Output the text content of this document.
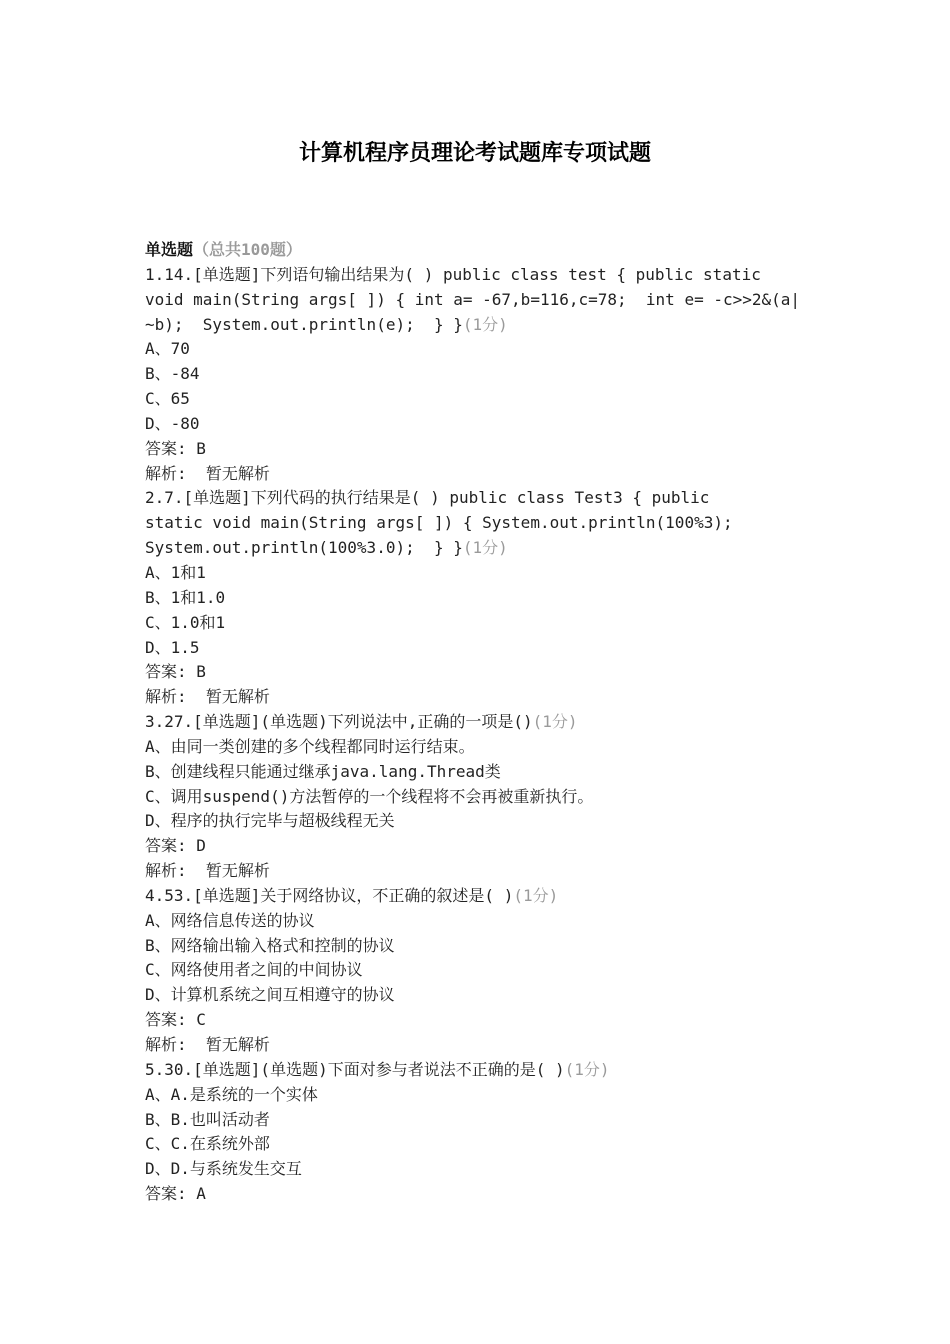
计算机程序员理论考试题库专项试题
单选题（总共100题）
1.14.[单选题]下列语句输出结果为( ) public class test { public static
void main(String args[ ]) { int a= -67,b=116,c=78;  int e= -c>>2&(a|
~b);  System.out.println(e);  } }(1分)
A、70
B、-84
C、65
D、-80
答案: B
解析:  暂无解析
2.7.[单选题]下列代码的执行结果是( ) public class Test3 { public
static void main(String args[ ]) { System.out.println(100%3);
System.out.println(100%3.0);  } }(1分)
A、1和1
B、1和1.0
C、1.0和1
D、1.5
答案: B
解析:  暂无解析
3.27.[单选题](单选题)下列说法中,正确的一项是()(1分)
A、由同一类创建的多个线程都同时运行结束。
B、创建线程只能通过继承java.lang.Thread类
C、调用suspend()方法暂停的一个线程将不会再被重新执行。
D、程序的执行完毕与超极线程无关
答案: D
解析:  暂无解析
4.53.[单选题]关于网络协议，不正确的叙述是( )(1分)
A、网络信息传送的协议
B、网络输出输入格式和控制的协议
C、网络使用者之间的中间协议
D、计算机系统之间互相遵守的协议
答案: C
解析:  暂无解析
5.30.[单选题](单选题)下面对参与者说法不正确的是( )(1分)
A、A.是系统的一个实体
B、B.也叫活动者
C、C.在系统外部
D、D.与系统发生交互
答案: A
